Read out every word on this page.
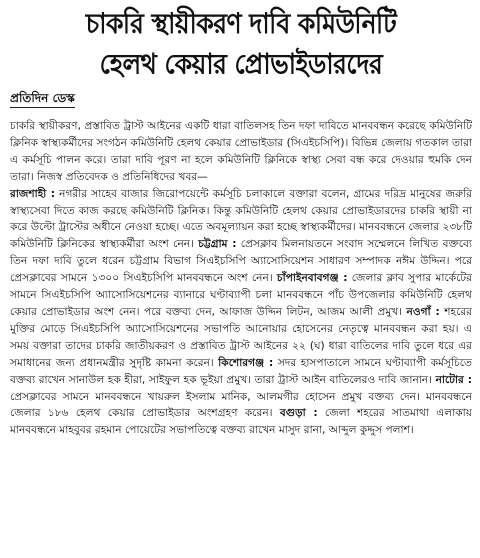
চাকরি স্থায়ীকরণ দাবি কমিউনিটি
হেলথ কেয়ার প্রোভাইডারদের
প্রতিদিন ডেস্ক

চাকরি স্থায়ীকরণ, প্রস্তাবিত ট্রাস্ট আইনের একটি ধারা বাতিলসহ তিন দফা দাবিতে মানববন্ধন করেছে কমিউনিটি ক্লিনিক স্বাস্থ্যকর্মীদের সংগঠন কমিউনিটি হেলথ কেয়ার প্রোভাইডার (সিএইচসিপি)। বিভিন্ন জেলায় গতকাল তারা এ কর্মসূচি পালন করে। তারা দাবি পূরণ না হলে কমিউনিটি ক্লিনিকে স্বাস্থ্য সেবা বন্ধ করে দেওয়ার হুমকি দেন তারা। নিজস্ব প্রতিবেদক ও প্রতিনিধিদের খবর—

রাজশাহী : নগরীর সাহেব বাজার জিরোপয়েন্টে কর্মসূচি চলাকালে বক্তারা বলেন, গ্রামের দরিদ্র মানুষের জরুরি স্বাস্থ্যসেবা দিতে কাজ করছে কমিউনিটি ক্লিনিক। কিন্তু কমিউনিটি হেলথ কেয়ার প্রোভাইডারদের চাকরি স্থায়ী না করে উল্টো ট্রাস্টের অধীনে নেওয়া হচ্ছে। এতে অবমূল্যায়ন করা হচ্ছে স্বাস্থ্যকর্মীদের। মানববন্ধনে জেলার ২৩৮টি কমিউনিটি ক্লিনিকের স্বাস্থ্যকর্মীরা অংশ নেন। চট্টগ্রাম : প্রেসক্লাব মিলনায়তনে সংবাদ সম্মেলনে লিখিত বক্তব্যে তিন দফা দাবি তুলে ধরেন চট্টগ্রাম বিভাগ সিএইচসিপি অ্যাসোসিয়েশন সাধারণ সম্পাদক নঈম উদ্দিন। পরে প্রেসক্লাবের সামনে ১৩০০ সিএইচসিপি মানববন্ধনে অংশ নেন। চাঁপাইনবাবগঞ্জ : জেলার ক্লাব সুপার মার্কেটের সামনে সিএইচসিপি অ্যাসোসিয়েশনের ব্যানারে ঘণ্টাব্যাপী চলা মানববন্ধনে পাঁচ উপজেলার কমিউনিটি হেলথ কেয়ার প্রোভাইডার অংশ নেন। পরে বক্তব্য দেন, আফাজ উদ্দিন লিটন, আজম আলী প্রমুখ। নওগাঁ : শহরের মুক্তির মোড়ে সিএইচসিপি অ্যাসোসিয়েশনের সভাপতি আনোয়ার হোসেনের নেতৃত্বে মানববন্ধন করা হয়। এ সময় বক্তারা তাদের চাকরি জাতীয়করণ ও প্রস্তাবিত ট্রাস্ট আইনের ২২ (ঘ) ধারা বাতিলের দাবি তুলে ধরে এর সমাধানের জন্য প্রধানমন্ত্রীর সুদৃষ্টি কামনা করেন। কিশোরগঞ্জ : সদর হাসপাতালে সামনে ঘণ্টাব্যাপী কর্মসূচিতে বক্তব্য রাখেন সানাউল হক হীরা, সাইফুল হক ভূইয়া প্রমুখ। তারা ট্রাস্ট আইন বাতিলেরও দাবি জানান। নাটোর : প্রেসক্লাবের সামনে মানববন্ধনে খায়রুল ইসলাম মানিক, আলমগীর হোসেন প্রমুখ বক্তব্য দেন। মানববন্ধনে জেলার ১৮৬ হেলথ কেয়ার প্রোভাইডার অংশগ্রহণ করেন। বগুড়া : জেলা শহরের সাতমাথা এলাকায় মানববন্ধনে মাহবুবর রহমান পোয়েটের সভাপতিত্বে বক্তব্য রাখেন মাসুদ রানা, আব্দুল কুদ্দুস পলাশ।
